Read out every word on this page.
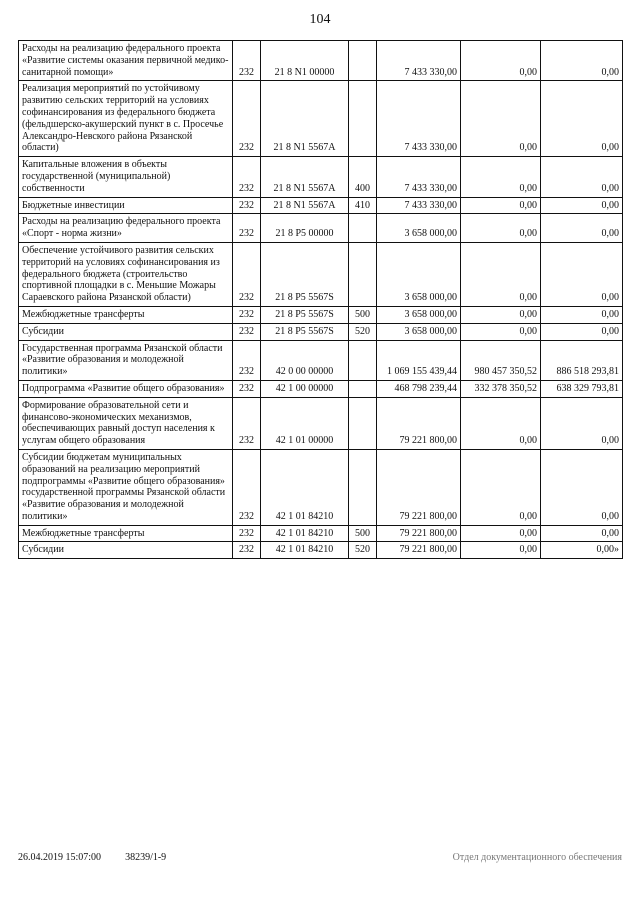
104
Расходы на реализацию федерального проекта «Развитие системы оказания первичной медико-санитарной помощи»	232	21 8 N1 00000		7 433 330,00	0,00	0,00
Реализация мероприятий по устойчивому развитию сельских территорий на условиях софинансирования из федерального бюджета (фельдшерско-акушерский пункт в с. Просечье Александро-Невского района Рязанской области)	232	21 8 N1 5567A		7 433 330,00	0,00	0,00
Капитальные вложения в объекты государственной (муниципальной) собственности	232	21 8 N1 5567A	400	7 433 330,00	0,00	0,00
Бюджетные инвестиции	232	21 8 N1 5567A	410	7 433 330,00	0,00	0,00
Расходы на реализацию федерального проекта «Спорт - норма жизни»	232	21 8 P5 00000		3 658 000,00	0,00	0,00
Обеспечение устойчивого развития сельских территорий на условиях софинансирования из федерального бюджета (строительство спортивной площадки в с. Меньшие Можары Сараевского района Рязанской области)	232	21 8 P5 5567S		3 658 000,00	0,00	0,00
Межбюджетные трансферты	232	21 8 P5 5567S	500	3 658 000,00	0,00	0,00
Субсидии	232	21 8 P5 5567S	520	3 658 000,00	0,00	0,00
Государственная программа Рязанской области «Развитие образования и молодежной политики»	232	42 0 00 00000		1 069 155 439,44	980 457 350,52	886 518 293,81
Подпрограмма «Развитие общего образования»	232	42 1 00 00000		468 798 239,44	332 378 350,52	638 329 793,81
Формирование образовательной сети и финансово-экономических механизмов, обеспечивающих равный доступ населения к услугам общего образования	232	42 1 01 00000		79 221 800,00	0,00	0,00
Субсидии бюджетам муниципальных образований на реализацию мероприятий подпрограммы «Развитие общего образования» государственной программы Рязанской области «Развитие образования и молодежной политики»	232	42 1 01 84210		79 221 800,00	0,00	0,00
Межбюджетные трансферты	232	42 1 01 84210	500	79 221 800,00	0,00	0,00
Субсидии	232	42 1 01 84210	520	79 221 800,00	0,00	0,00»
26.04.2019 15:07:00 38239/1-9	Отдел документационного обеспечения
